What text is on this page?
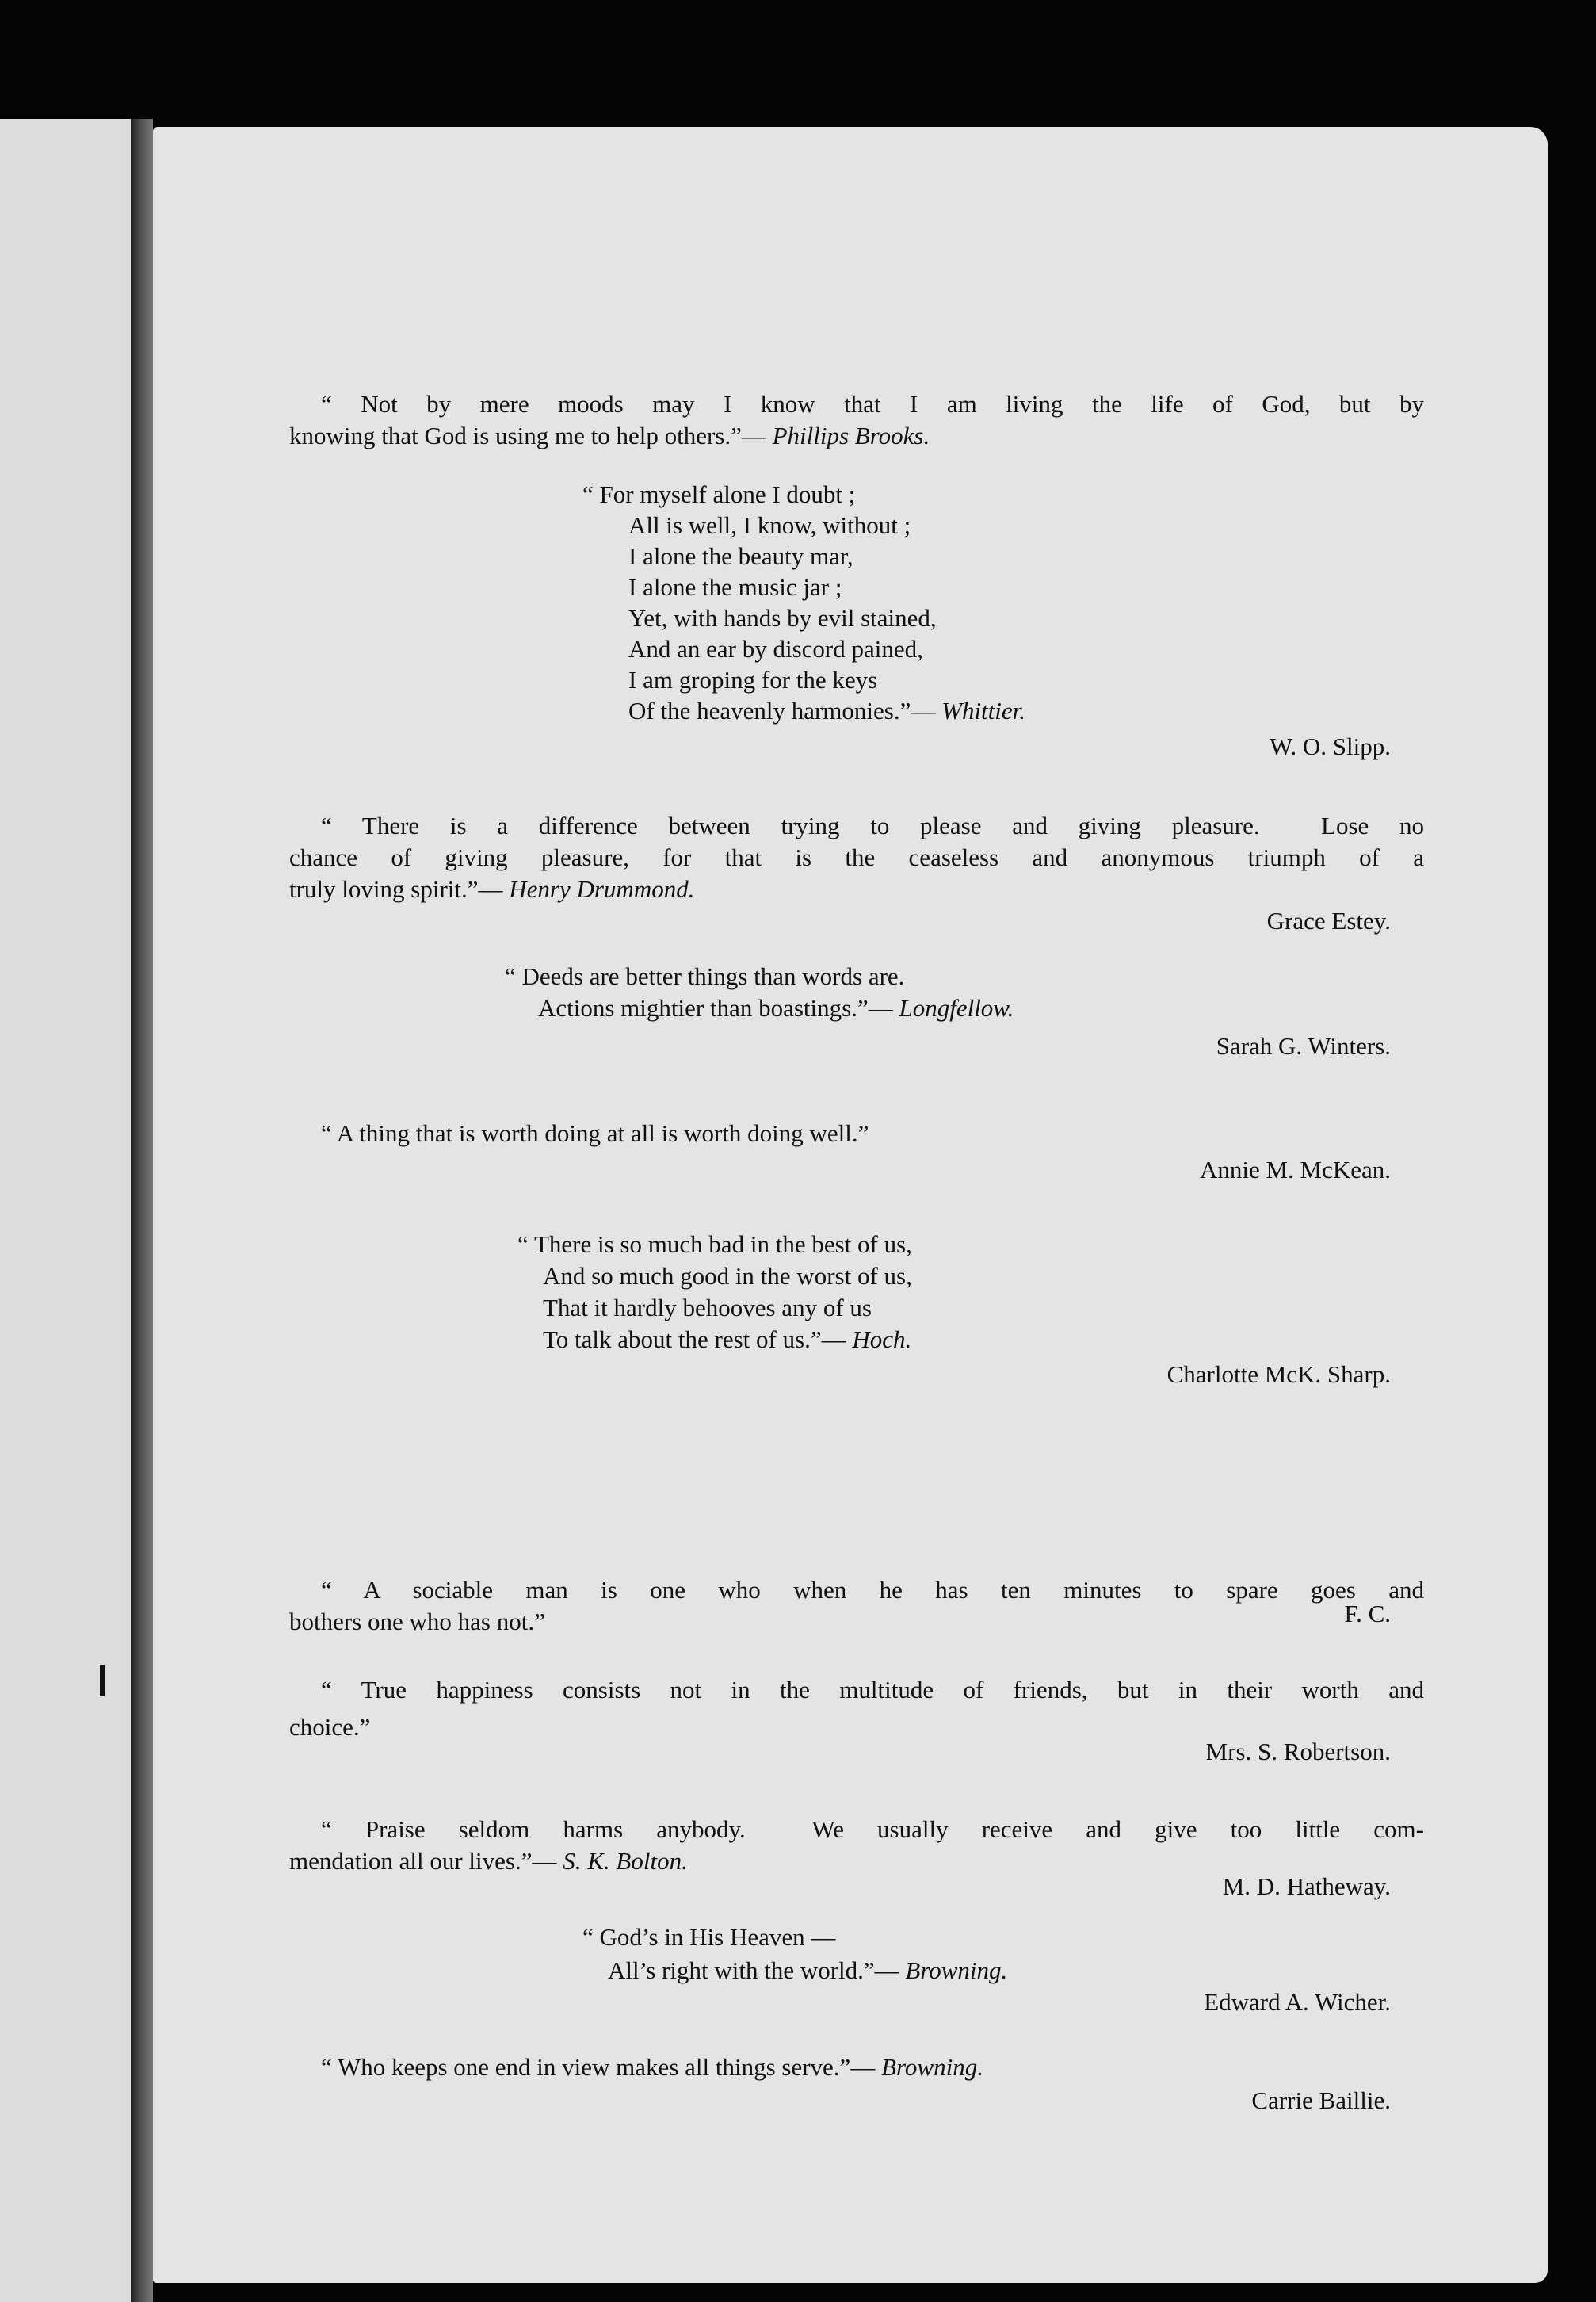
“ Not by mere moods may I know that I am living the life of God, but by
knowing that God is using me to help others.”— Phillips Brooks.
“ For myself alone I doubt ;
All is well, I know, without ;
I alone the beauty mar,
I alone the music jar ;
Yet, with hands by evil stained,
And an ear by discord pained,
I am groping for the keys
Of the heavenly harmonies.”— Whittier.
W. O. Slipp.
“ There is a difference between trying to please and giving pleasure.  Lose no
chance of giving pleasure, for that is the ceaseless and anonymous triumph of a
truly loving spirit.”— Henry Drummond.
Grace Estey.
“ Deeds are better things than words are.
Actions mightier than boastings.”— Longfellow.
Sarah G. Winters.
“ A thing that is worth doing at all is worth doing well.”
Annie M. McKean.
“ There is so much bad in the best of us,
And so much good in the worst of us,
That it hardly behooves any of us
To talk about the rest of us.”— Hoch.
Charlotte McK. Sharp.
“ A sociable man is one who when he has ten minutes to spare goes and
bothers one who has not.”	F. C.
“ True happiness consists not in the multitude of friends, but in their worth and
choice.”
Mrs. S. Robertson.
“ Praise seldom harms anybody.  We usually receive and give too little com-
mendation all our lives.”— S. K. Bolton.
M. D. Hatheway.
“ God’s in His Heaven —
All’s right with the world.”— Browning.
Edward A. Wicher.
“ Who keeps one end in view makes all things serve.”— Browning.
Carrie Baillie.
